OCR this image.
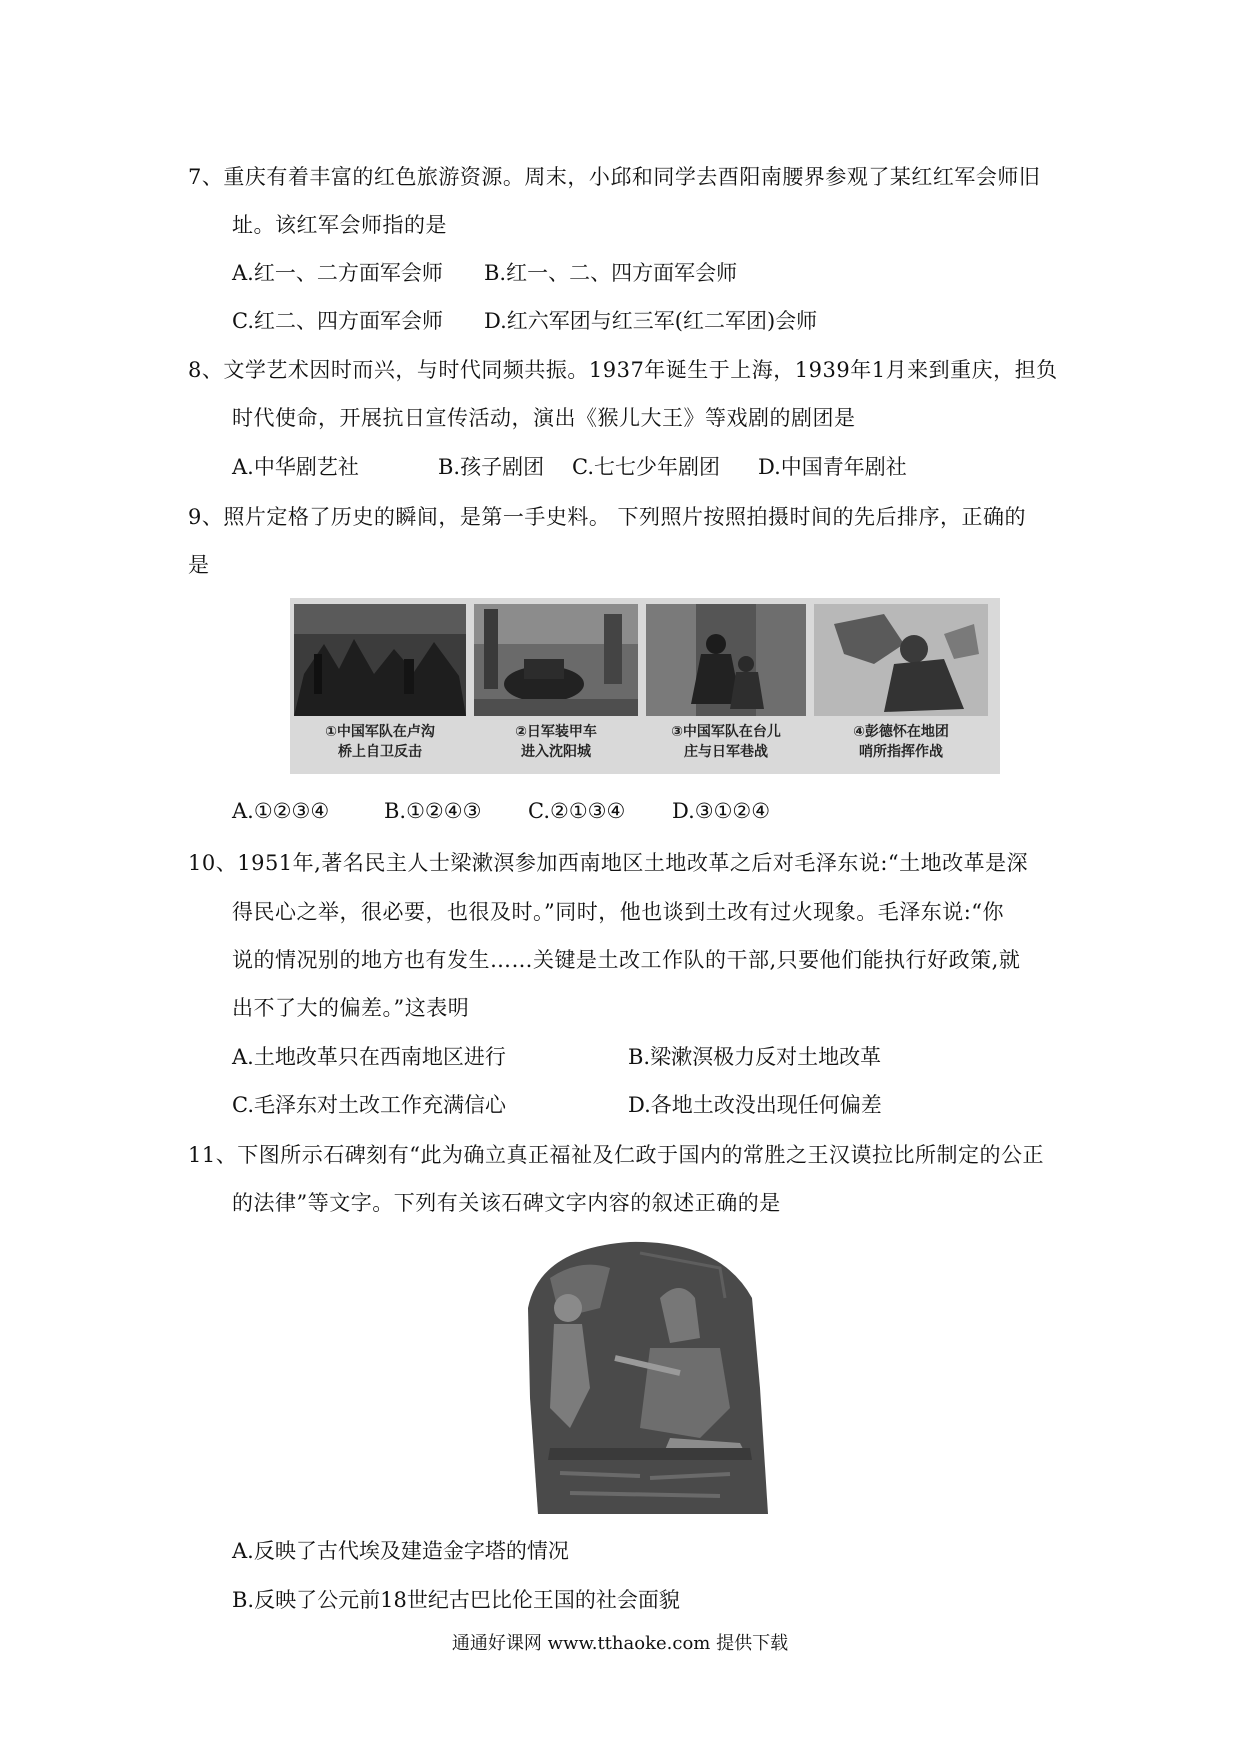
7、重庆有着丰富的红色旅游资源。周末，小邱和同学去酉阳南腰界参观了某红红军会师旧
址。该红军会师指的是
A.红一、二方面军会师 B.红一、二、四方面军会师
C.红二、四方面军会师 D.红六军团与红三军(红二军团)会师
8、文学艺术因时而兴，与时代同频共振。1937年诞生于上海，1939年1月来到重庆，担负
时代使命，开展抗日宣传活动，演出《猴儿大王》等戏剧的剧团是
A.中华剧艺社	B.孩子剧团 C.七七少年剧团 D.中国青年剧社
9、照片定格了历史的瞬间，是第一手史料。 下列照片按照拍摄时间的先后排序，正确的
是
①中国军队在卢沟
桥上自卫反击
②日军装甲车
进入沈阳城
③中国军队在台儿
庄与日军巷战
④彭德怀在地团
哨所指挥作战
A.①②③④	B.①②④③ C.②①③④ D.③①②④
10、1951年,著名民主人士梁漱溟参加西南地区土地改革之后对毛泽东说:“土地改革是深
得民心之举，很必要，也很及时。”同时，他也谈到土改有过火现象。毛泽东说:“你
说的情况别的地方也有发生……关键是土改工作队的干部,只要他们能执行好政策,就
出不了大的偏差。”这表明
A.土地改革只在西南地区进行	B.梁漱溟极力反对土地改革
C.毛泽东对土改工作充满信心	D.各地土改没出现任何偏差
11、下图所示石碑刻有“此为确立真正福祉及仁政于国内的常胜之王汉谟拉比所制定的公正
的法律”等文字。下列有关该石碑文字内容的叙述正确的是
A.反映了古代埃及建造金字塔的情况
B.反映了公元前18世纪古巴比伦王国的社会面貌
通通好课网 www.tthaoke.com 提供下载
